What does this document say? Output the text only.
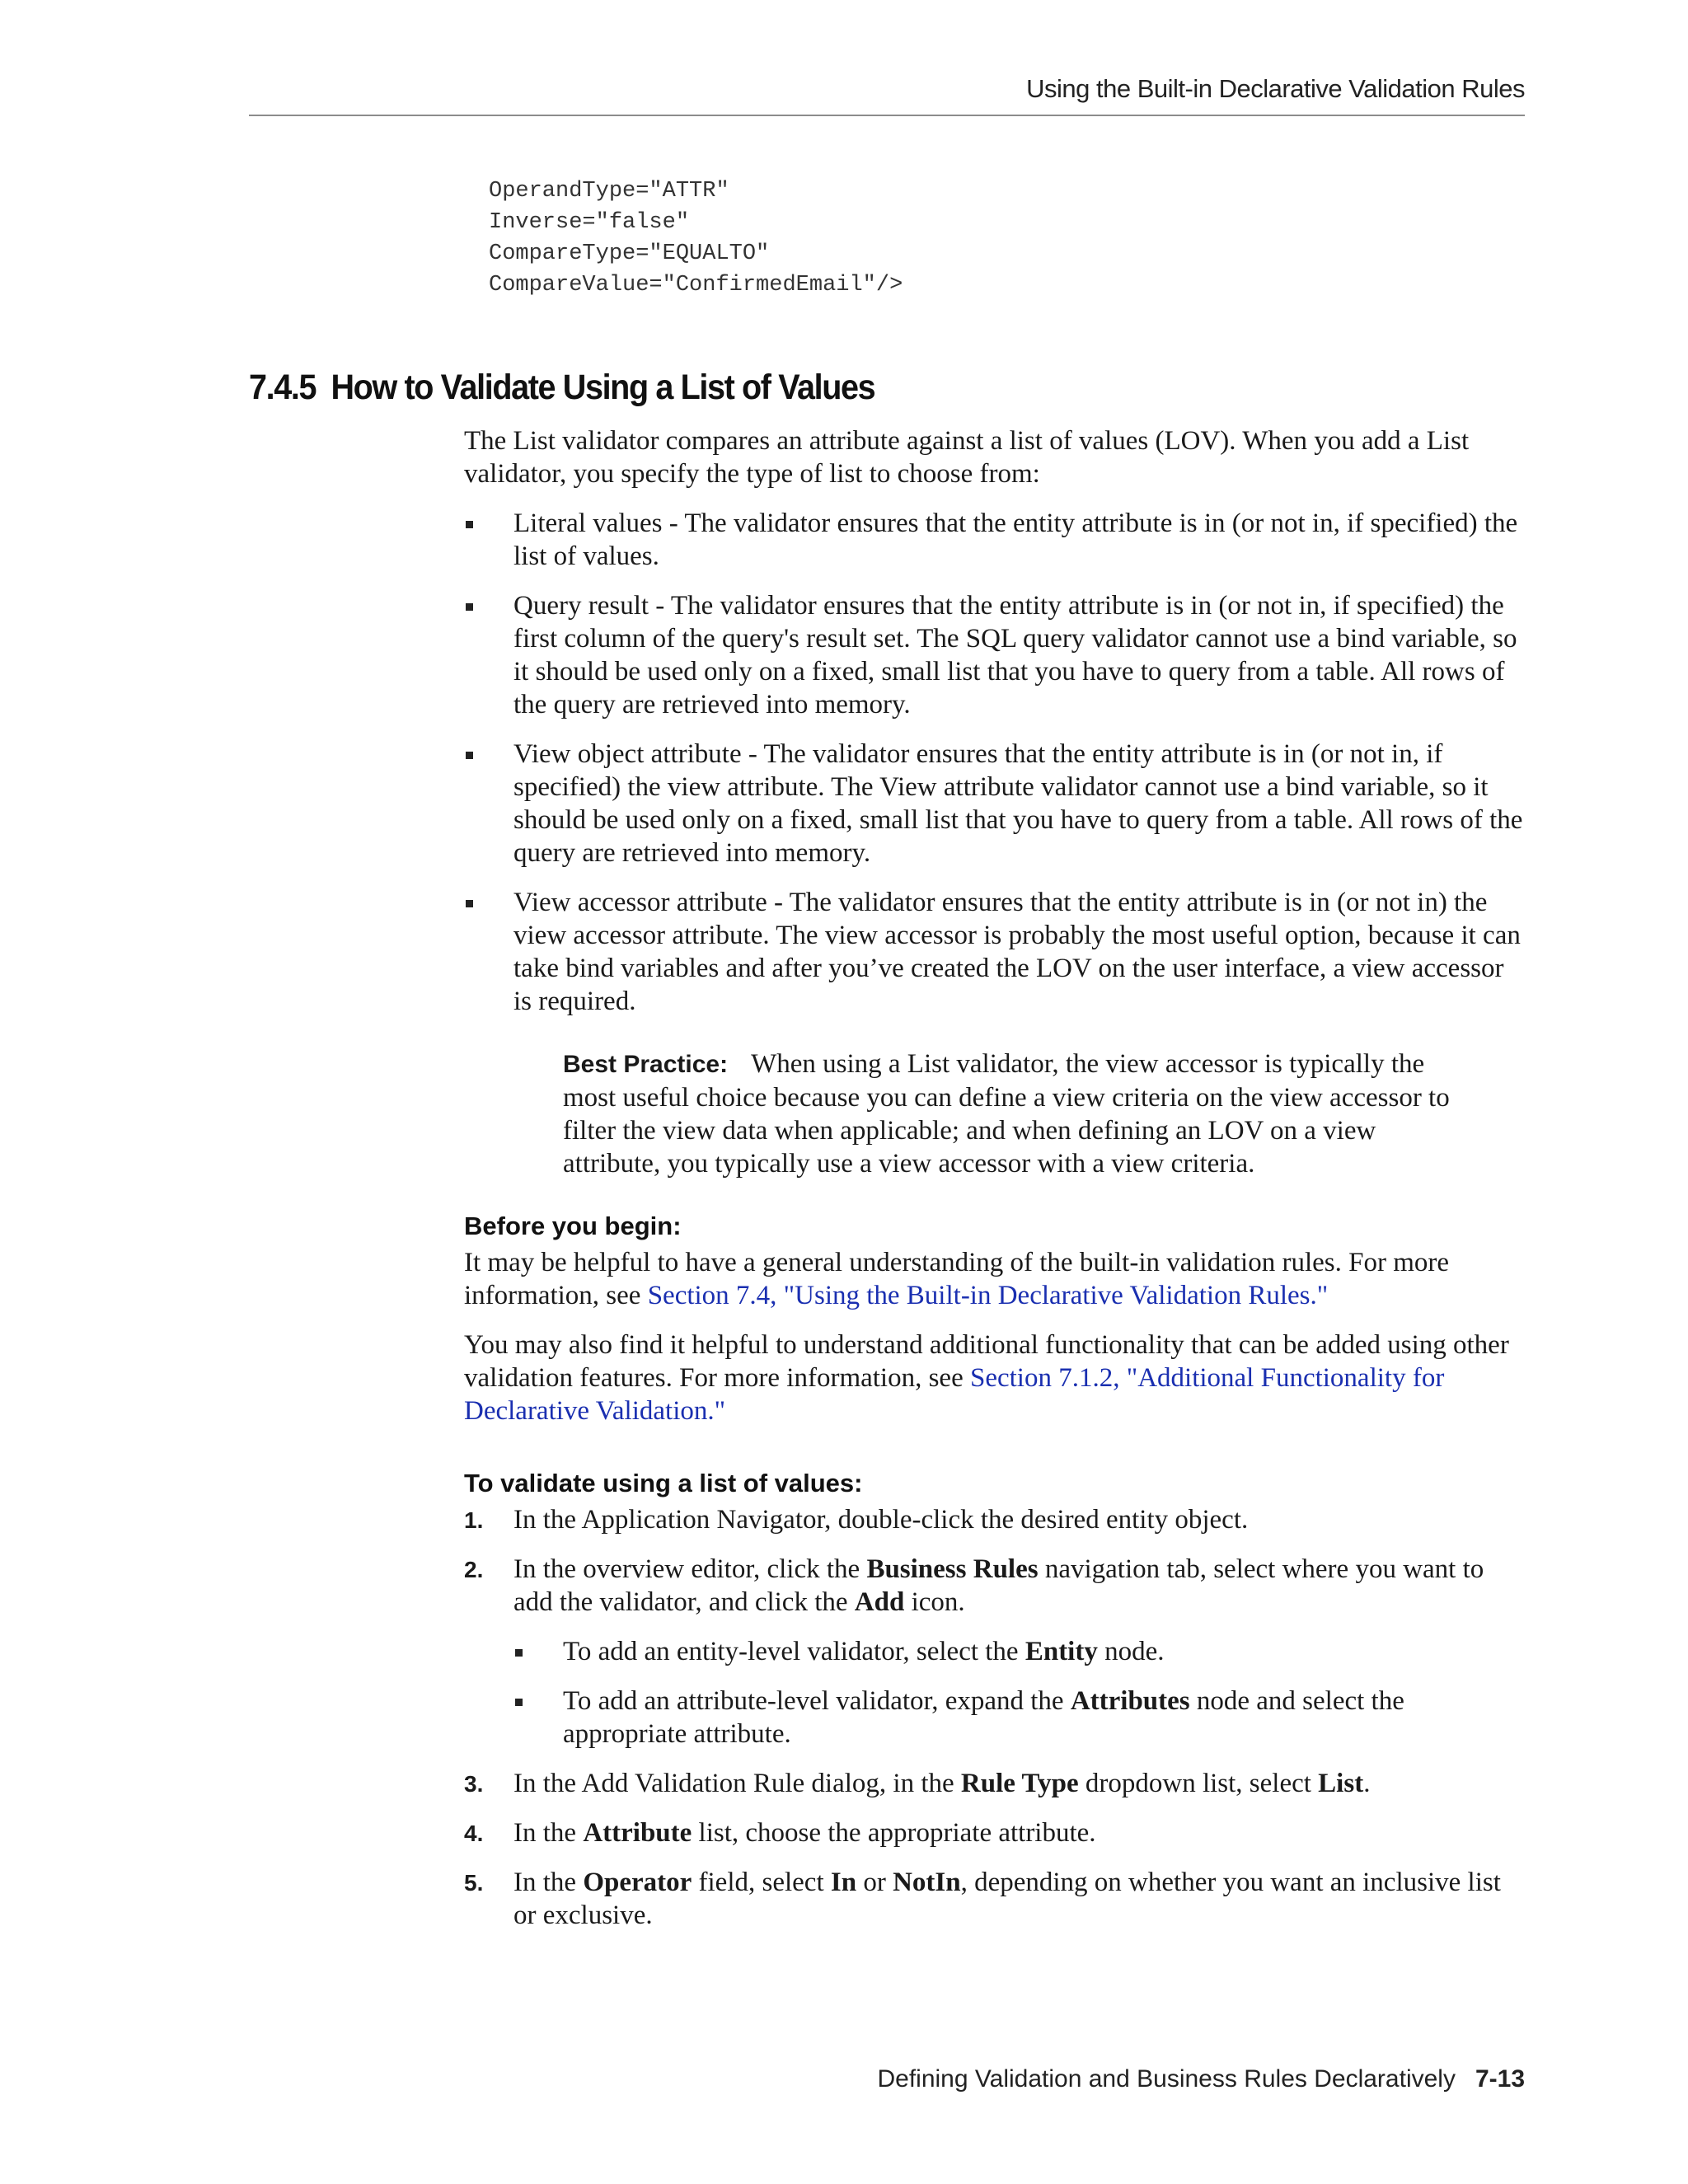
Using the Built-in Declarative Validation Rules
OperandType="ATTR"
Inverse="false"
CompareType="EQUALTO"
CompareValue="ConfirmedEmail"/>
7.4.5 How to Validate Using a List of Values

The List validator compares an attribute against a list of values (LOV). When you add a List validator, you specify the type of list to choose from:

Literal values - The validator ensures that the entity attribute is in (or not in, if specified) the list of values.
Query result - The validator ensures that the entity attribute is in (or not in, if specified) the first column of the query's result set. The SQL query validator cannot use a bind variable, so it should be used only on a fixed, small list that you have to query from a table. All rows of the query are retrieved into memory.
View object attribute - The validator ensures that the entity attribute is in (or not in, if specified) the view attribute. The View attribute validator cannot use a bind variable, so it should be used only on a fixed, small list that you have to query from a table. All rows of the query are retrieved into memory.
View accessor attribute - The validator ensures that the entity attribute is in (or not in) the view accessor attribute. The view accessor is probably the most useful option, because it can take bind variables and after you’ve created the LOV on the user interface, a view accessor is required.
Best Practice: When using a List validator, the view accessor is typically the most useful choice because you can define a view criteria on the view accessor to filter the view data when applicable; and when defining an LOV on a view attribute, you typically use a view accessor with a view criteria.
Before you begin:

It may be helpful to have a general understanding of the built-in validation rules. For more information, see Section 7.4, "Using the Built-in Declarative Validation Rules."

You may also find it helpful to understand additional functionality that can be added using other validation features. For more information, see Section 7.1.2, "Additional Functionality for Declarative Validation."

To validate using a list of values:
1. In the Application Navigator, double-click the desired entity object.
2. In the overview editor, click the Business Rules navigation tab, select where you want to add the validator, and click the Add icon.
To add an entity-level validator, select the Entity node.
To add an attribute-level validator, expand the Attributes node and select the appropriate attribute.
3. In the Add Validation Rule dialog, in the Rule Type dropdown list, select List.
4. In the Attribute list, choose the appropriate attribute.
5. In the Operator field, select In or NotIn, depending on whether you want an inclusive list or exclusive.
Defining Validation and Business Rules Declaratively 7-13
